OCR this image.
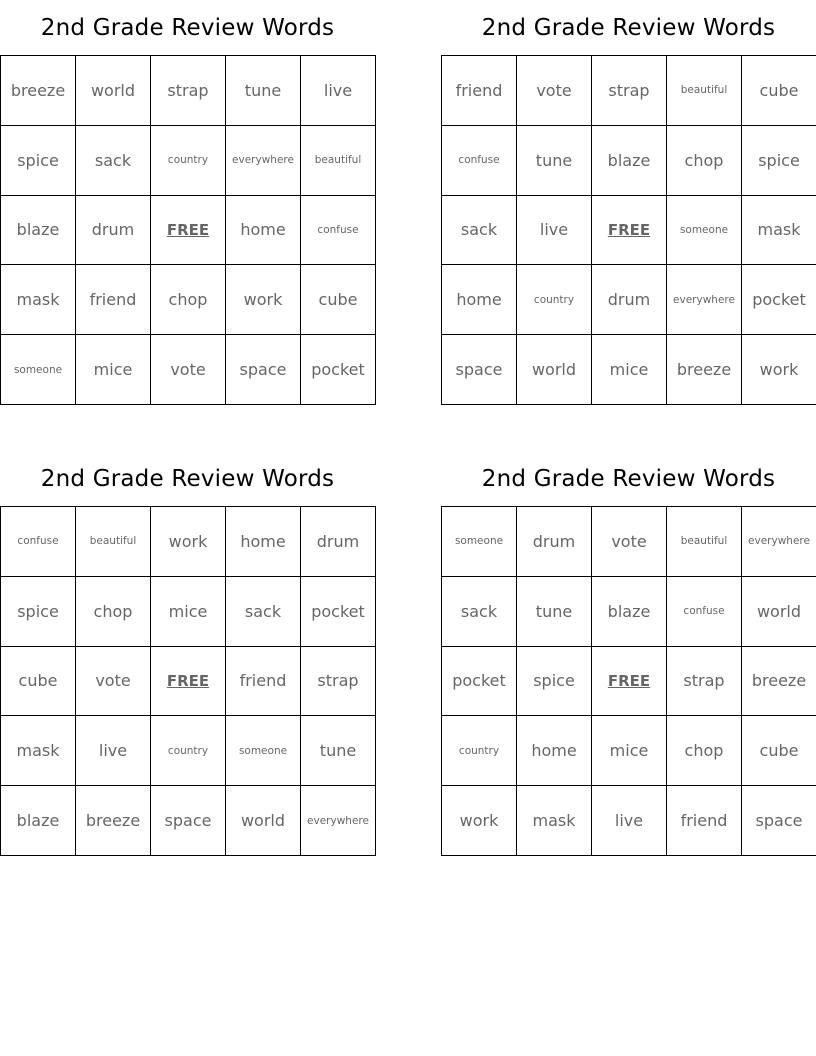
2nd Grade Review Words
breeze	world	strap	tune	live
spice	sack	country	everywhere	beautiful
blaze	drum	FREE	home	confuse
mask	friend	chop	work	cube
someone	mice	vote	space	pocket
2nd Grade Review Words
friend	vote	strap	beautiful	cube
confuse	tune	blaze	chop	spice
sack	live	FREE	someone	mask
home	country	drum	everywhere	pocket
space	world	mice	breeze	work
2nd Grade Review Words
confuse	beautiful	work	home	drum
spice	chop	mice	sack	pocket
cube	vote	FREE	friend	strap
mask	live	country	someone	tune
blaze	breeze	space	world	everywhere
2nd Grade Review Words
someone	drum	vote	beautiful	everywhere
sack	tune	blaze	confuse	world
pocket	spice	FREE	strap	breeze
country	home	mice	chop	cube
work	mask	live	friend	space
